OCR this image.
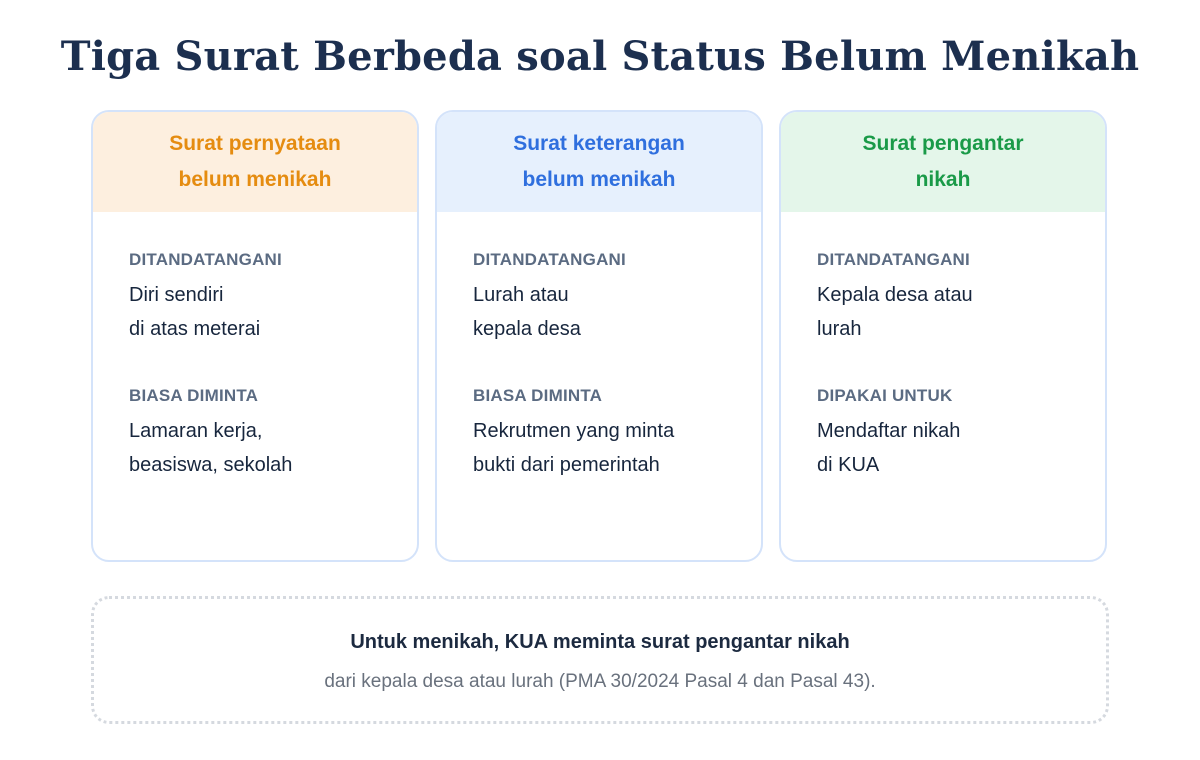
Tiga Surat Berbeda soal Status Belum Menikah
Surat pernyataan belum menikah
DITANDATANGANI
Diri sendiri
di atas meterai
BIASA DIMINTA
Lamaran kerja,
beasiswa, sekolah
Surat keterangan belum menikah
DITANDATANGANI
Lurah atau
kepala desa
BIASA DIMINTA
Rekrutmen yang minta
bukti dari pemerintah
Surat pengantar nikah
DITANDATANGANI
Kepala desa atau
lurah
DIPAKAI UNTUK
Mendaftar nikah
di KUA
Untuk menikah, KUA meminta surat pengantar nikah
dari kepala desa atau lurah (PMA 30/2024 Pasal 4 dan Pasal 43).
